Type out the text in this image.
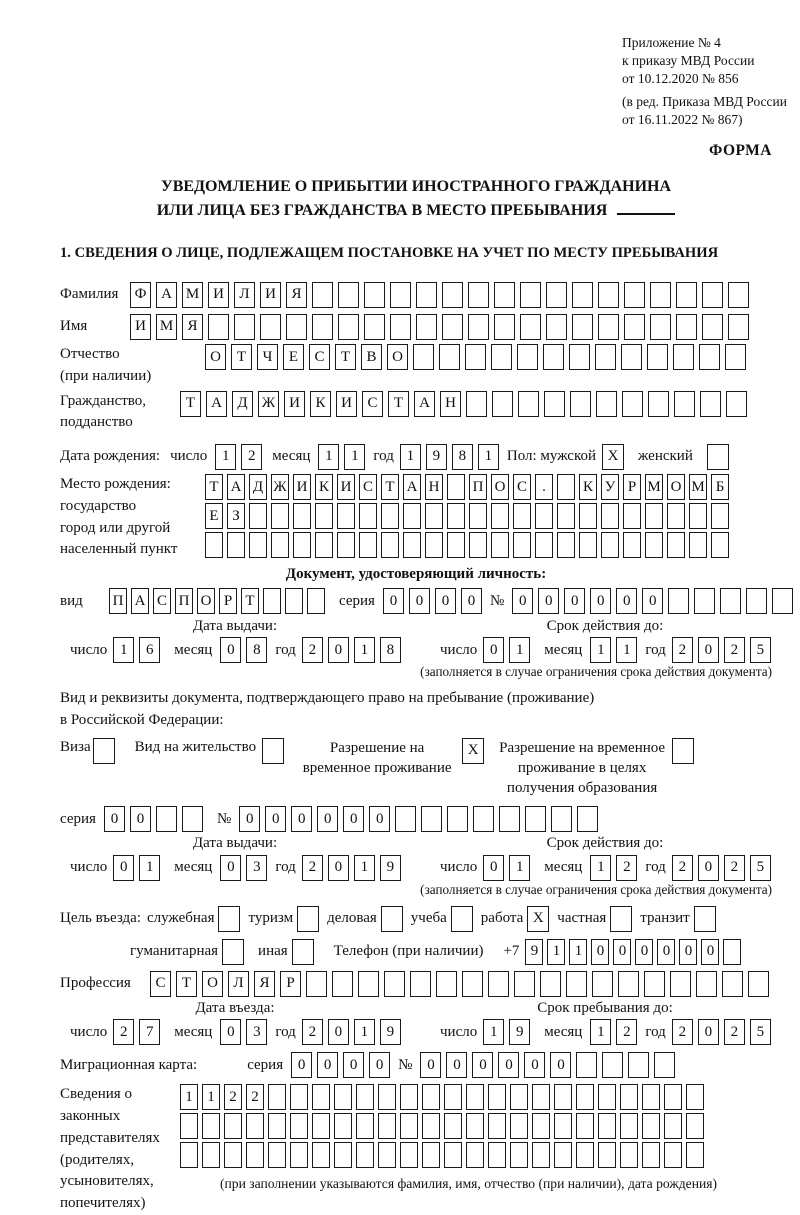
Приложение № 4
к приказу МВД России
от 10.12.2020 № 856
(в ред. Приказа МВД России
от 16.11.2022 № 867)
ФОРМА
УВЕДОМЛЕНИЕ О ПРИБЫТИИ ИНОСТРАННОГО ГРАЖДАНИНА
ИЛИ ЛИЦА БЕЗ ГРАЖДАНСТВА В МЕСТО ПРЕБЫВАНИЯ
1. СВЕДЕНИЯ О ЛИЦЕ, ПОДЛЕЖАЩЕМ ПОСТАНОВКЕ НА УЧЕТ ПО МЕСТУ ПРЕБЫВАНИЯ
Фамилия	Ф А М И	Л	И	Я
Имя	И М Я
Отчество
(при наличии)
О	Т	Ч	Е	С	Т	В	О
Гражданство,
подданство
Т	А	Д Ж И	К	И	С	Т	А	Н
Дата рождения: число 1	2	месяц 1	1 год 1	9	8	1 Пол: мужской X	женский
Место рождения:
государство
город или другой
населенный пункт
Т А Д Ж И К И С Т А Н П О С	.	К У Р М О М Б
Е З
Документ, удостоверяющий личность:
вид	П А С П О Р Т	серия 0	0	0	0 № 0	0	0	0	0	0
Дата выдачи:
число 1	6	месяц 0	8 год 2	0	1	8
Срок действия до:
число 0	1	месяц 1	1 год 2	0	2	5
(заполняется в случае ограничения срока действия документа)
Вид и реквизиты документа, подтверждающего право на пребывание (проживание)
в Российской Федерации:
Виза	Вид на жительство	Разрешение на временное проживание
X	Разрешение на временное проживание в целях получения образования
серия 0	0	№ 0	0	0	0	0	0
Дата выдачи:
число 0	1	месяц 0	3 год 2	0	1	9
Срок действия до:
число 0	1	месяц 1	2 год 2	0	2	5
(заполняется в случае ограничения срока действия документа)
Цель въезда: служебная туризм деловая учеба работа X частная транзит
гуманитарная	иная	Телефон (при наличии) +7 9 1 1 0 0 0 0 0 0
Профессия	С	Т	О	Л	Я	Р
Дата въезда:
число 2	7	месяц 0	3 год 2	0	1	9
Срок пребывания до:
число 1	9	месяц 1	2 год 2	0	2	5
Миграционная карта:	серия 0	0	0	0 № 0	0	0	0	0	0
Сведения о
законных
представителях
(родителях,
усыновителях,
попечителях)
1 1 2 2
(при заполнении указываются фамилия, имя, отчество (при наличии), дата рождения)
